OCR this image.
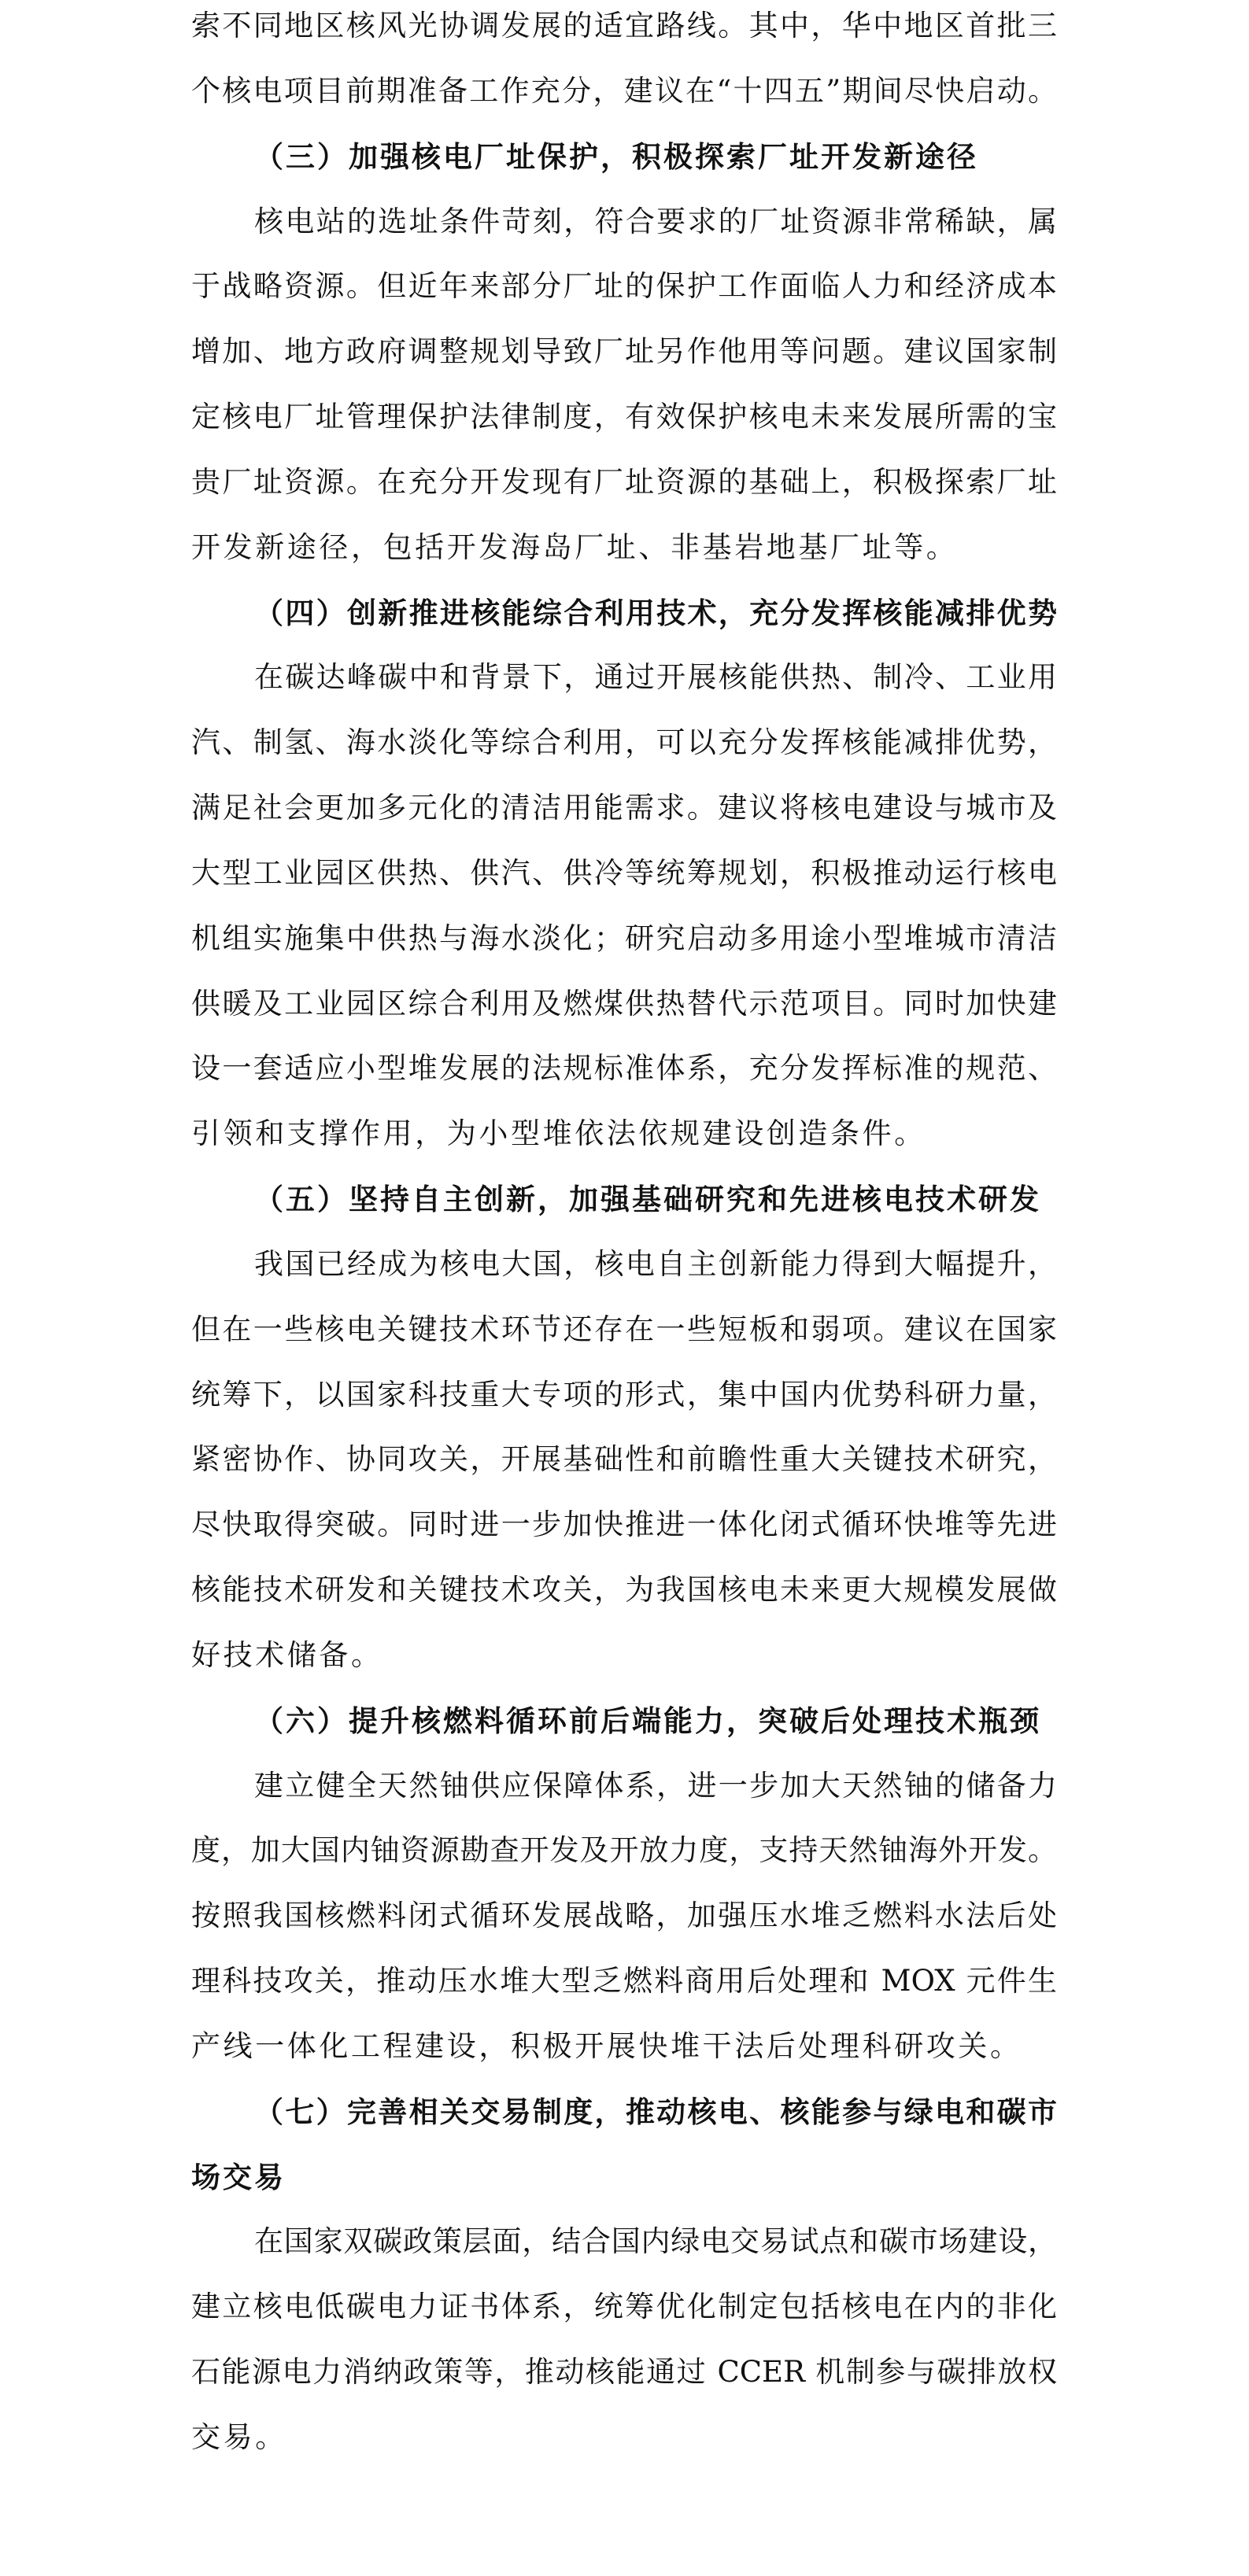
索不同地区核风光协调发展的适宜路线。其中，华中地区首批三
个核电项目前期准备工作充分，建议在“十四五”期间尽快启动。
（三）加强核电厂址保护，积极探索厂址开发新途径
核电站的选址条件苛刻，符合要求的厂址资源非常稀缺，属
于战略资源。但近年来部分厂址的保护工作面临人力和经济成本
增加、地方政府调整规划导致厂址另作他用等问题。建议国家制
定核电厂址管理保护法律制度，有效保护核电未来发展所需的宝
贵厂址资源。在充分开发现有厂址资源的基础上，积极探索厂址
开发新途径，包括开发海岛厂址、非基岩地基厂址等。
（四）创新推进核能综合利用技术，充分发挥核能减排优势
在碳达峰碳中和背景下，通过开展核能供热、制冷、工业用
汽、制氢、海水淡化等综合利用，可以充分发挥核能减排优势，
满足社会更加多元化的清洁用能需求。建议将核电建设与城市及
大型工业园区供热、供汽、供冷等统筹规划，积极推动运行核电
机组实施集中供热与海水淡化；研究启动多用途小型堆城市清洁
供暖及工业园区综合利用及燃煤供热替代示范项目。同时加快建
设一套适应小型堆发展的法规标准体系，充分发挥标准的规范、
引领和支撑作用，为小型堆依法依规建设创造条件。
（五）坚持自主创新，加强基础研究和先进核电技术研发
我国已经成为核电大国，核电自主创新能力得到大幅提升，
但在一些核电关键技术环节还存在一些短板和弱项。建议在国家
统筹下，以国家科技重大专项的形式，集中国内优势科研力量，
紧密协作、协同攻关，开展基础性和前瞻性重大关键技术研究，
尽快取得突破。同时进一步加快推进一体化闭式循环快堆等先进
核能技术研发和关键技术攻关，为我国核电未来更大规模发展做
好技术储备。
（六）提升核燃料循环前后端能力，突破后处理技术瓶颈
建立健全天然铀供应保障体系，进一步加大天然铀的储备力
度，加大国内铀资源勘查开发及开放力度，支持天然铀海外开发。
按照我国核燃料闭式循环发展战略，加强压水堆乏燃料水法后处
理科技攻关，推动压水堆大型乏燃料商用后处理和 MOX 元件生
产线一体化工程建设，积极开展快堆干法后处理科研攻关。
（七）完善相关交易制度，推动核电、核能参与绿电和碳市
场交易
在国家双碳政策层面，结合国内绿电交易试点和碳市场建设，
建立核电低碳电力证书体系，统筹优化制定包括核电在内的非化
石能源电力消纳政策等，推动核能通过 CCER 机制参与碳排放权
交易。
